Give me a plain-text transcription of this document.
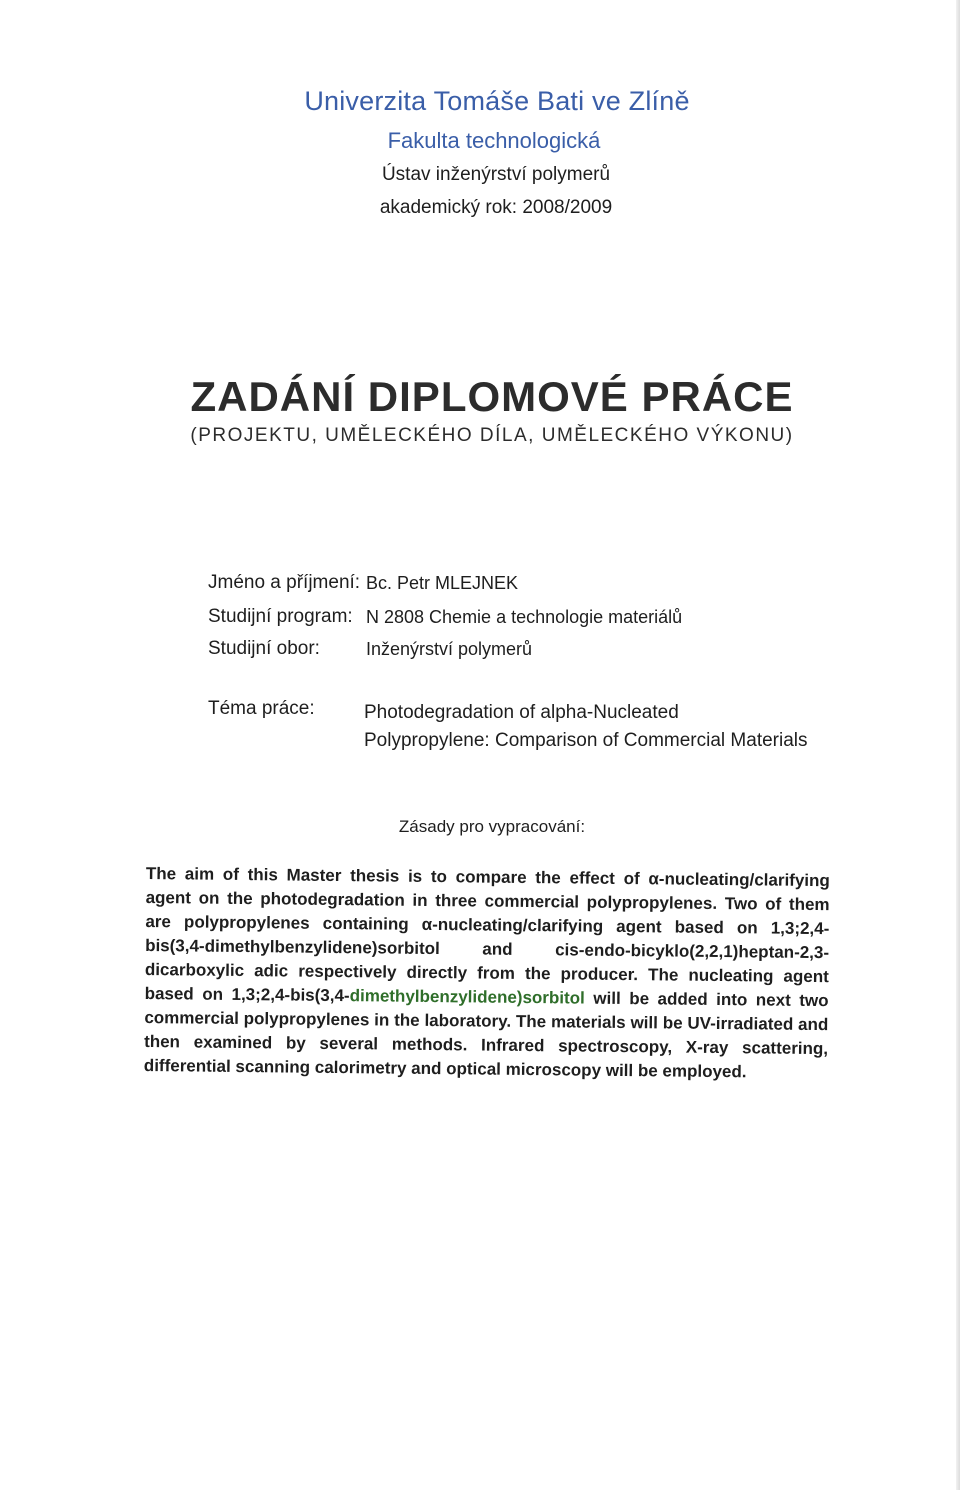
Univerzita Tomáše Bati ve Zlíně
Fakulta technologická
Ústav inženýrství polymerů
akademický rok: 2008/2009
ZADÁNÍ DIPLOMOVÉ PRÁCE
(PROJEKTU, UMĚLECKÉHO DÍLA, UMĚLECKÉHO VÝKONU)
Jméno a příjmení: Bc. Petr MLEJNEK
Studijní program: N 2808 Chemie a technologie materiálů
Studijní obor:	Inženýrství polymerů
Téma práce:	Photodegradation of alpha-Nucleated
Polypropylene: Comparison of Commercial Materials
Zásady pro vypracování:
The aim of this Master thesis is to compare the effect of α-nucleating/clarifying agent on the photodegradation in three commercial polypropylenes. Two of them are polypropylenes containing α-nucleating/clarifying agent based on 1,3;2,4-bis(3,4-dimethylbenzylidene)sorbitol and cis-endo-bicyklo(2,2,1)heptan-2,3-dicarboxylic adic respectively directly from the producer. The nucleating agent based on 1,3;2,4-bis(3,4-dimethylbenzylidene)sorbitol will be added into next two commercial polypropylenes in the laboratory. The materials will be UV-irradiated and then examined by several methods. Infrared spectroscopy, X-ray scattering, differential scanning calorimetry and optical microscopy will be employed.
